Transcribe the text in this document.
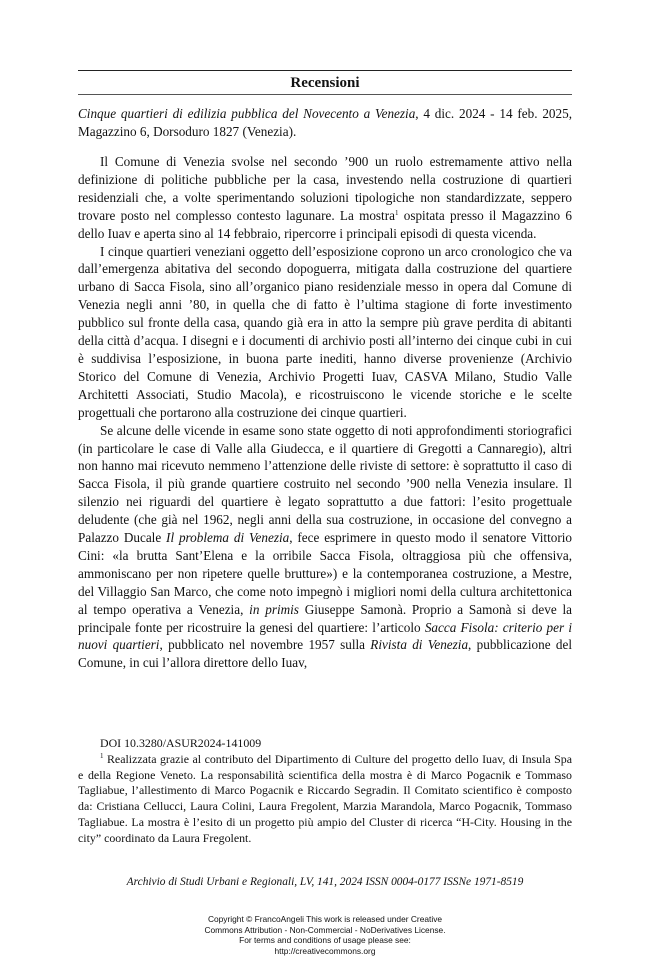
Recensioni
Cinque quartieri di edilizia pubblica del Novecento a Venezia, 4 dic. 2024 - 14 feb. 2025, Magazzino 6, Dorsoduro 1827 (Venezia).

Il Comune di Venezia svolse nel secondo ’900 un ruolo estremamente attivo nella definizione di politiche pubbliche per la casa, investendo nella costruzione di quartieri residenziali che, a volte sperimentando soluzioni tipologiche non standardizzate, seppero trovare posto nel complesso contesto lagunare. La mostra$^1$ ospitata presso il Magazzino 6 dello Iuav e aperta sino al 14 febbraio, ripercorre i principali episodi di questa vicenda.

I cinque quartieri veneziani oggetto dell’esposizione coprono un arco cronologico che va dall’emergenza abitativa del secondo dopoguerra, mitigata dalla costruzione del quartiere urbano di Sacca Fisola, sino all’organico piano residenziale messo in opera dal Comune di Venezia negli anni ’80, in quella che di fatto è l’ultima stagione di forte investimento pubblico sul fronte della casa, quando già era in atto la sempre più grave perdita di abitanti della città d’acqua. I disegni e i documenti di archivio posti all’interno dei cinque cubi in cui è suddivisa l’esposizione, in buona parte inediti, hanno diverse provenienze (Archivio Storico del Comune di Venezia, Archivio Progetti Iuav, CASVA Milano, Studio Valle Architetti Associati, Studio Macola), e ricostruiscono le vicende storiche e le scelte progettuali che portarono alla costruzione dei cinque quartieri.

Se alcune delle vicende in esame sono state oggetto di noti approfondimenti storiografici (in particolare le case di Valle alla Giudecca, e il quartiere di Gregotti a Cannaregio), altri non hanno mai ricevuto nemmeno l’attenzione delle riviste di settore: è soprattutto il caso di Sacca Fisola, il più grande quartiere costruito nel secondo ’900 nella Venezia insulare. Il silenzio nei riguardi del quartiere è legato soprattutto a due fattori: l’esito progettuale deludente (che già nel 1962, negli anni della sua costruzione, in occasione del convegno a Palazzo Ducale Il problema di Venezia, fece esprimere in questo modo il senatore Vittorio Cini: «la brutta Sant’Elena e la orribile Sacca Fisola, oltraggiosa più che offensiva, ammoniscano per non ripetere quelle brutture») e la contemporanea costruzione, a Mestre, del Villaggio San Marco, che come noto impegnò i migliori nomi della cultura architettonica al tempo operativa a Venezia, in primis Giuseppe Samonà. Proprio a Samonà si deve la principale fonte per ricostruire la genesi del quartiere: l’articolo Sacca Fisola: criterio per i nuovi quartieri, pubblicato nel novembre 1957 sulla Rivista di Venezia, pubblicazione del Comune, in cui l’allora direttore dello Iuav,

DOI 10.3280/ASUR2024-141009

$^1$ Realizzata grazie al contributo del Dipartimento di Culture del progetto dello Iuav, di Insula Spa e della Regione Veneto. La responsabilità scientifica della mostra è di Marco Pogacnik e Tommaso Tagliabue, l’allestimento di Marco Pogacnik e Riccardo Segradin. Il Comitato scientifico è composto da: Cristiana Cellucci, Laura Colini, Laura Fregolent, Marzia Marandola, Marco Pogacnik, Tommaso Tagliabue. La mostra è l’esito di un progetto più ampio del Cluster di ricerca “H-City. Housing in the city” coordinato da Laura Fregolent.

Archivio di Studi Urbani e Regionali, LV, 141, 2024 ISSN 0004-0177 ISSNe 1971-8519
Copyright © FrancoAngeli This work is released under Creative
Commons Attribution - Non-Commercial - NoDerivatives License.
For terms and conditions of usage please see:
http://creativecommons.org
